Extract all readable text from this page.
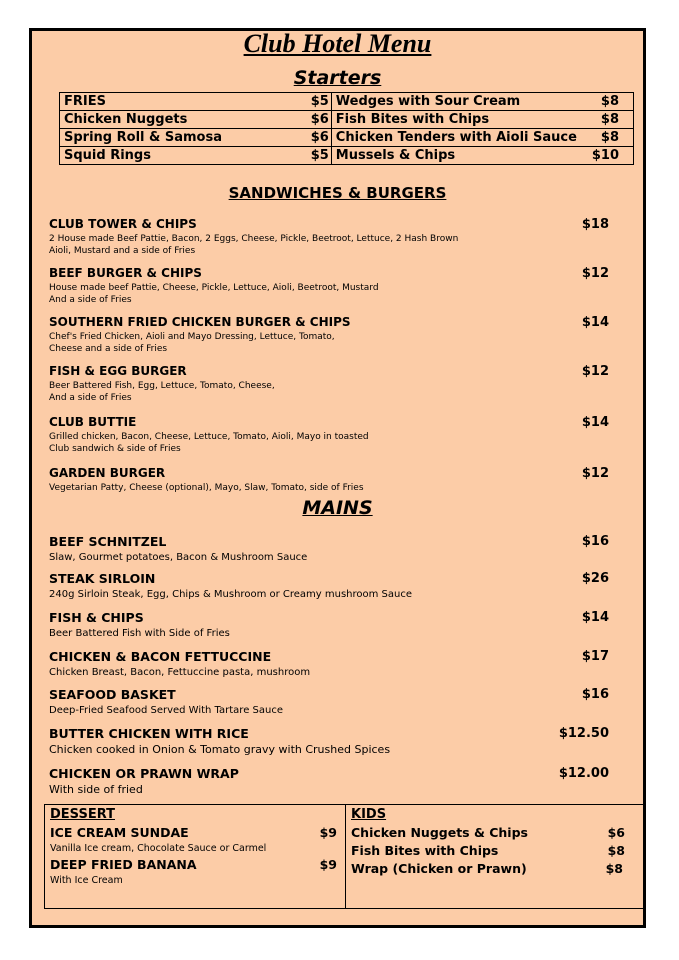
Club Hotel Menu
Starters
FRIES	$5	Wedges with Sour Cream	$8
Chicken Nuggets	$6	Fish Bites with Chips	$8
Spring Roll & Samosa	$6	Chicken Tenders with Aioli Sauce	$8
Squid Rings	$5	Mussels & Chips	$10
SANDWICHES & BURGERS
CLUB TOWER & CHIPS	$18
2 House made Beef Pattie, Bacon, 2 Eggs, Cheese, Pickle, Beetroot, Lettuce, 2 Hash Brown
Aioli, Mustard and a side of Fries
BEEF BURGER & CHIPS	$12
House made beef Pattie, Cheese, Pickle, Lettuce, Aioli, Beetroot, Mustard
And a side of Fries
SOUTHERN FRIED CHICKEN BURGER & CHIPS	$14
Chef's Fried Chicken, Aioli and Mayo Dressing, Lettuce, Tomato,
Cheese and a side of Fries
FISH & EGG BURGER	$12
Beer Battered Fish, Egg, Lettuce, Tomato, Cheese,
And a side of Fries
CLUB BUTTIE	$14
Grilled chicken, Bacon, Cheese, Lettuce, Tomato, Aioli, Mayo in toasted
Club sandwich & side of Fries
GARDEN BURGER	$12
Vegetarian Patty, Cheese (optional), Mayo, Slaw, Tomato, side of Fries
MAINS
BEEF SCHNITZEL	$16
Slaw, Gourmet potatoes, Bacon & Mushroom Sauce
STEAK SIRLOIN	$26
240g Sirloin Steak, Egg, Chips & Mushroom or Creamy mushroom Sauce
FISH & CHIPS	$14
Beer Battered Fish with Side of Fries
CHICKEN & BACON FETTUCCINE	$17
Chicken Breast, Bacon, Fettuccine pasta, mushroom
SEAFOOD BASKET	$16
Deep-Fried Seafood Served With Tartare Sauce
BUTTER CHICKEN WITH RICE	$12.50
Chicken cooked in Onion & Tomato gravy with Crushed Spices
CHICKEN OR PRAWN WRAP	$12.00
With side of fried
DESSERT
ICE CREAM SUNDAE	$9
Vanilla Ice cream, Chocolate Sauce or Carmel
DEEP FRIED BANANA	$9
With Ice Cream
KIDS
Chicken Nuggets & Chips	$6
Fish Bites with Chips	$8
Wrap (Chicken or Prawn)	$8
